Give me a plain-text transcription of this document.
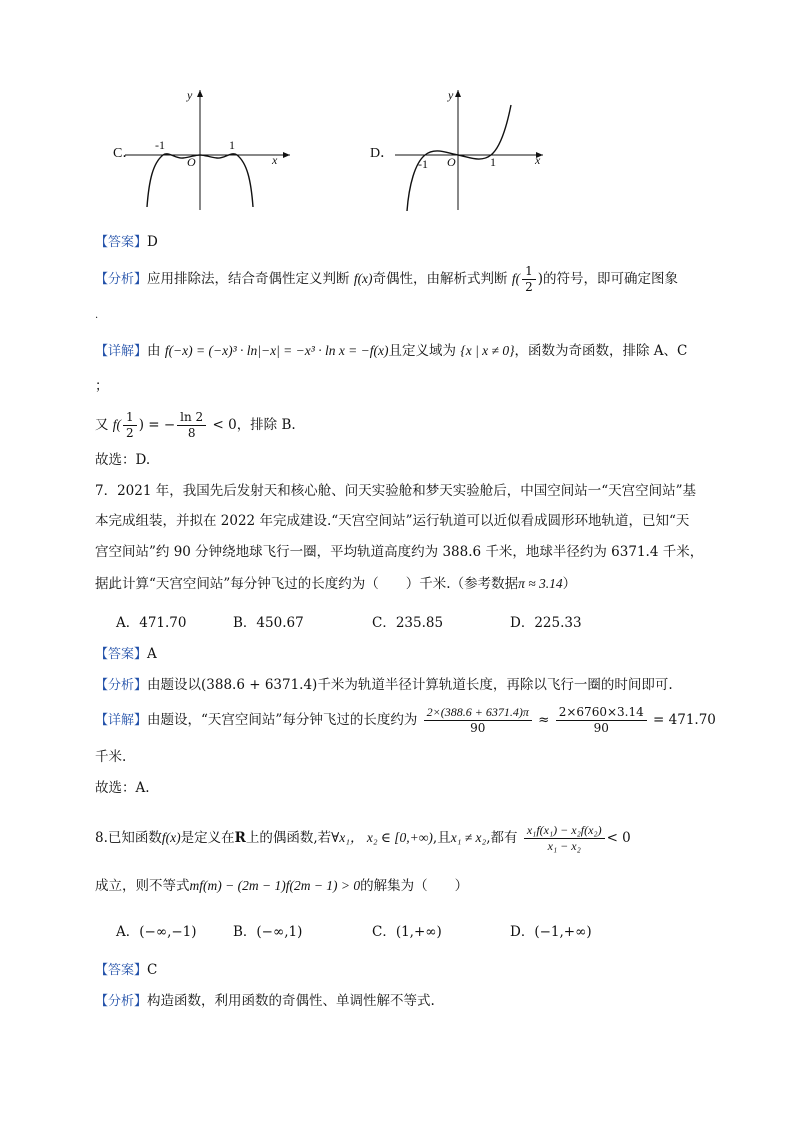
C．
y
x
O
-1	1
D．
y
x
O
-1	1
【答案】D
【分析】应用排除法，结合奇偶性定义判断 f(x)奇偶性，由解析式判断 $f( \frac{1}{2}$ )的符号，即可确定图象
.
【详解】由 f(−x) = (−x)³ · ln|−x| = −x³ · ln x = −f(x)且定义域为 {x | x ≠ 0}，函数为奇函数，排除 A、C
；
又 $f( \frac{1}{2}$ ) = − $\frac{\ln 2}{8} < 0$，排除 B.
故选：D.
7．2021 年，我国先后发射天和核心舱、问天实验舱和梦天实验舱后，中国空间站一“天宫空间站”基
本完成组装，并拟在 2022 年完成建设.“天宫空间站”运行轨道可以近似看成圆形环地轨道，已知“天
宫空间站”约 90 分钟绕地球飞行一圈，平均轨道高度约为 388.6 千米，地球半径约为 6371.4 千米，
据此计算“天宫空间站”每分钟飞过的长度约为（　　）千米.（参考数据π ≈ 3.14）
A．471.70	B．450.67	C．235.85	D．225.33
【答案】A
【分析】由题设以(388.6 + 6371.4)千米为轨道半径计算轨道长度，再除以飞行一圈的时间即可.
【详解】由题设，“天宫空间站”每分钟飞过的长度约为 $\frac{2\times(388.6 + 6371.4)\pi}{90} \approx \frac{2\times 6760\times 3.14}{90} = 471.70$
千米.
故选：A.
8.已知函数f(x)是定义在R上的偶函数,若∀x₁， x₂ ∈ [0,+∞),且x₁ ≠ x₂,都有 $\frac{\text{x₁f(x₁) − x₂f(x₂)}}{\text{x₁ − x₂}} < 0$
成立，则不等式mf(m) − (2m − 1)f(2m − 1) > 0的解集为（　　）
A．(−∞,−1)	B．(−∞,1)	C．(1,+∞)	D．(−1,+∞)
【答案】C
【分析】构造函数，利用函数的奇偶性、单调性解不等式.
